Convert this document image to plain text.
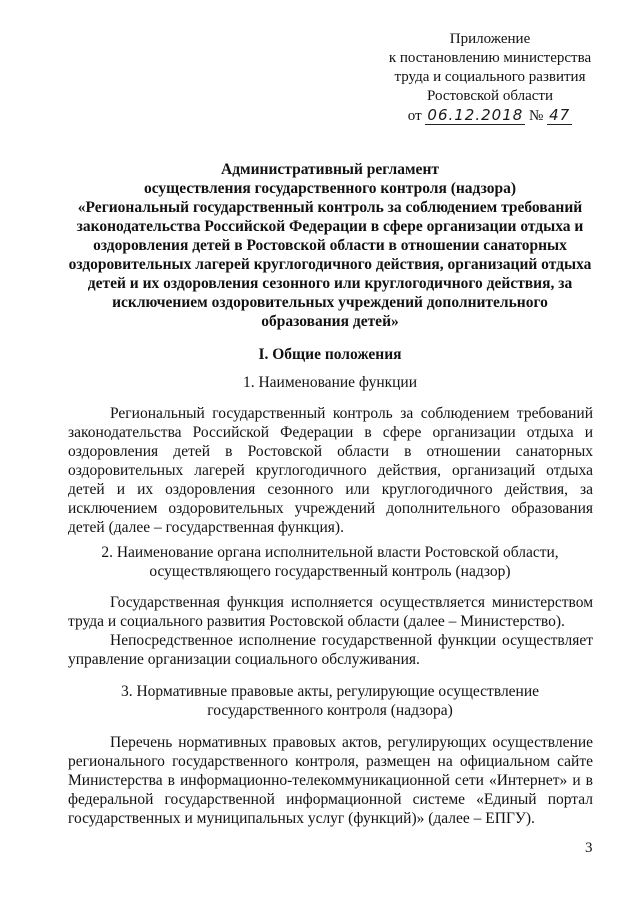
Приложение
к постановлению министерства
труда и социального развития
Ростовской области
от 06.12.2018 № 47
Административный регламент
осуществления государственного контроля (надзора)
«Региональный государственный контроль за соблюдением требований
законодательства Российской Федерации в сфере организации отдыха и
оздоровления детей в Ростовской области в отношении санаторных
оздоровительных лагерей круглогодичного действия, организаций отдыха
детей и их оздоровления сезонного или круглогодичного действия, за
исключением оздоровительных учреждений дополнительного
образования детей»
I. Общие положения
1. Наименование функции
Региональный государственный контроль за соблюдением требований законодательства Российской Федерации в сфере организации отдыха и оздоровления детей в Ростовской области в отношении санаторных оздоровительных лагерей круглогодичного действия, организаций отдыха детей и их оздоровления сезонного или круглогодичного действия, за исключением оздоровительных учреждений дополнительного образования детей (далее – государственная функция).
2. Наименование органа исполнительной власти Ростовской области,
осуществляющего государственный контроль (надзор)
Государственная функция исполняется осуществляется министерством труда и социального развития Ростовской области (далее – Министерство).
Непосредственное исполнение государственной функции осуществляет управление организации социального обслуживания.
3. Нормативные правовые акты, регулирующие осуществление
государственного контроля (надзора)
Перечень нормативных правовых актов, регулирующих осуществление регионального государственного контроля, размещен на официальном сайте Министерства в информационно-телекоммуникационной сети «Интернет» и в федеральной государственной информационной системе «Единый портал государственных и муниципальных услуг (функций)» (далее – ЕПГУ).
3
